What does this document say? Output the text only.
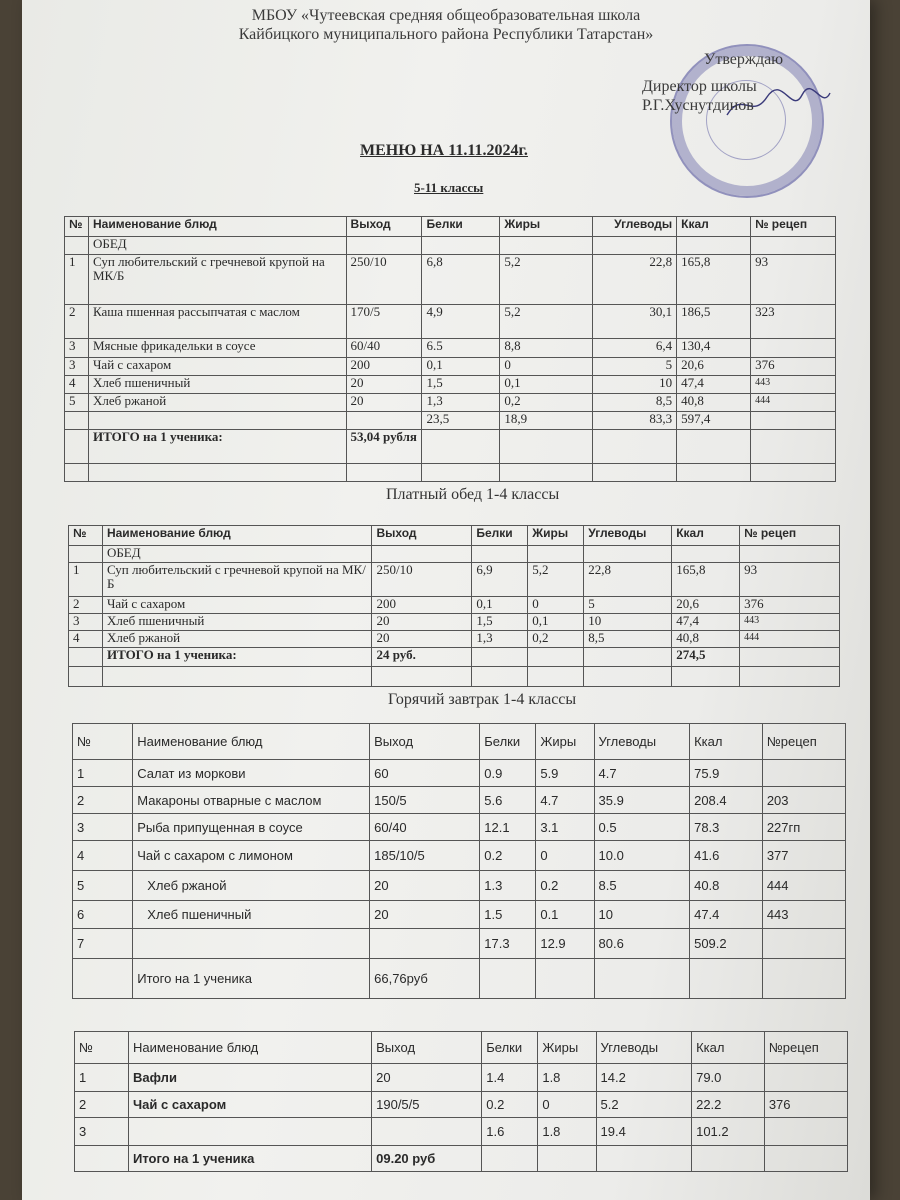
МБОУ «Чутеевская средняя общеобразовательная школа
Кайбицкого муниципального района Республики Татарстан»
Утверждаю
Директор школы
Р.Г.Хуснутдинов
МЕНЮ НА 11.11.2024г.
5-11 классы
№	Наименование блюд	Выход	Белки	Жиры	Углеводы	Ккал	№ рецеп
	ОБЕД						
1	Суп любительский с гречневой крупой на МК/Б	250/10	6,8	5,2	22,8	165,8	93
2	Каша пшенная рассыпчатая с маслом	170/5	4,9	5,2	30,1	186,5	323
3	Мясные фрикадельки в соусе	60/40	6.5	8,8	6,4	130,4	
3	Чай с сахаром	200	0,1	0	5	20,6	376
4	Хлеб пшеничный	20	1,5	0,1	10	47,4	443
5	Хлеб ржаной	20	1,3	0,2	8,5	40,8	444
			23,5	18,9	83,3	597,4	
	ИТОГО на 1 ученика:	53,04 рубля					

Платный обед 1-4 классы
№	Наименование блюд	Выход	Белки	Жиры	Углеводы	Ккал	№ рецеп
	ОБЕД						
1	Суп любительский с гречневой крупой на МК/Б	250/10	6,9	5,2	22,8	165,8	93
2	Чай с сахаром	200	0,1	0	5	20,6	376
3	Хлеб пшеничный	20	1,5	0,1	10	47,4	443
4	Хлеб ржаной	20	1,3	0,2	8,5	40,8	444
	ИТОГО на 1 ученика:	24 руб.				274,5	

Горячий завтрак 1-4 классы
№	Наименование блюд	Выход	Белки	Жиры	Углеводы	Ккал	№рецеп
1	Салат из моркови	60	0.9	5.9	4.7	75.9	
2	Макароны отварные с маслом	150/5	5.6	4.7	35.9	208.4	203
3	Рыба припущенная в соусе	60/40	12.1	3.1	0.5	78.3	227гп
4	Чай с сахаром с лимоном	185/10/5	0.2	0	10.0	41.6	377
5	Хлеб ржаной	20	1.3	0.2	8.5	40.8	444
6	Хлеб пшеничный	20	1.5	0.1	10	47.4	443
7			17.3	12.9	80.6	509.2	
	Итого на 1 ученика	66,76руб					
№	Наименование блюд	Выход	Белки	Жиры	Углеводы	Ккал	№рецеп
1	Вафли	20	1.4	1.8	14.2	79.0	
2	Чай с сахаром	190/5/5	0.2	0	5.2	22.2	376
3			1.6	1.8	19.4	101.2	
	Итого на 1 ученика	09.20 руб					
